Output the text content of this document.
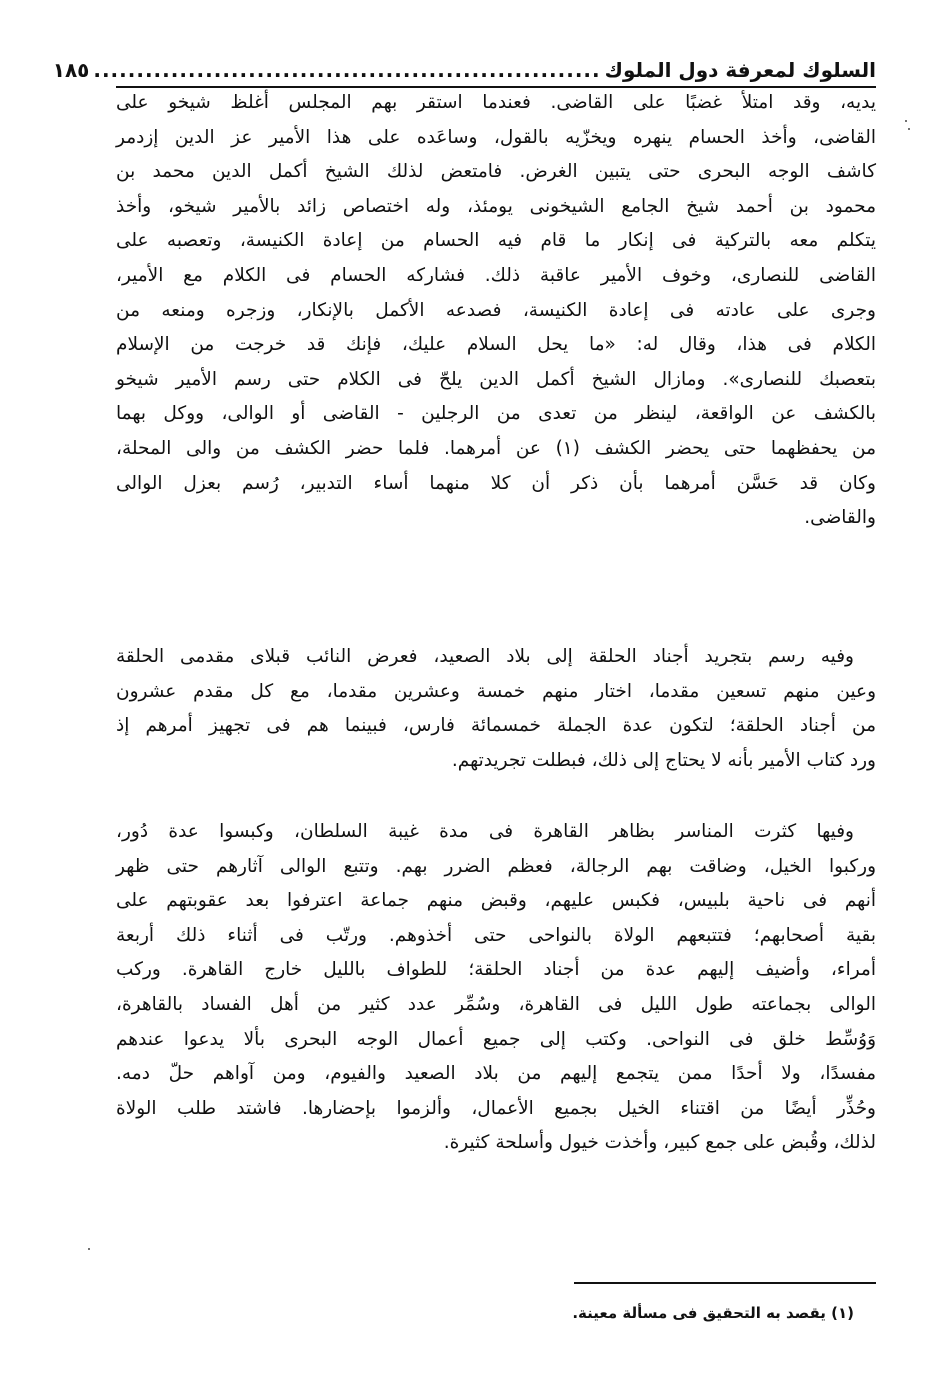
السلوك لمعرفة دول الملوك
...........................................................
١٨٥
يديه، وقد امتلأ غضبًا على القاضى. فعندما استقر بهم المجلس أغلظ شيخو على
القاضى، وأخذ الحسام ينهره ويخزّيه بالقول، وساعَده على هذا الأمير عز الدين إزدمر
كاشف الوجه البحرى حتى يتبين الغرض. فامتعض لذلك الشيخ أكمل الدين محمد بن
محمود بن أحمد شيخ الجامع الشيخونى يومئذ، وله اختصاص زائد بالأمير شيخو، وأخذ
يتكلم معه بالتركية فى إنكار ما قام فيه الحسام من إعادة الكنيسة، وتعصبه على
القاضى للنصارى، وخوف الأمير عاقبة ذلك. فشاركه الحسام فى الكلام مع الأمير،
وجرى على عادته فى إعادة الكنيسة، فصدعه الأكمل بالإنكار، وزجره ومنعه من
الكلام فى هذا، وقال له: «ما يحل السلام عليك، فإنك قد خرجت من الإسلام
بتعصبك للنصارى». ومازال الشيخ أكمل الدين يلحّ فى الكلام حتى رسم الأمير شيخو
بالكشف عن الواقعة، لينظر من تعدى من الرجلين - القاضى أو الوالى، ووكل بهما
من يحفظهما حتى يحضر الكشف (١) عن أمرهما. فلما حضر الكشف من والى المحلة،
وكان قد حَسَّن أمرهما بأن ذكر أن كلا منهما أساء التدبير، رُسم بعزل الوالى
والقاضى.
وفيه رسم بتجريد أجناد الحلقة إلى بلاد الصعيد، فعرض النائب قبلاى مقدمى الحلقة
وعين منهم تسعين مقدما، اختار منهم خمسة وعشرين مقدما، مع كل مقدم عشرون
من أجناد الحلقة؛ لتكون عدة الجملة خمسمائة فارس، فبينما هم فى تجهيز أمرهم إذ
ورد كتاب الأمير بأنه لا يحتاج إلى ذلك، فبطلت تجريدتهم.
وفيها كثرت المناسر بظاهر القاهرة فى مدة غيبة السلطان، وكبسوا عدة دُور،
وركبوا الخيل، وضاقت بهم الرجالة، فعظم الضرر بهم. وتتبع الوالى آثارهم حتى ظهر
أنهم فى ناحية بلبيس، فكبس عليهم، وقبض منهم جماعة اعترفوا بعد عقوبتهم على
بقية أصحابهم؛ فتتبعهم الولاة بالنواحى حتى أخذوهم. ورتّب فى أثناء ذلك أربعة
أمراء، وأضيف إليهم عدة من أجناد الحلقة؛ للطواف بالليل خارج القاهرة. وركب
الوالى بجماعته طول الليل فى القاهرة، وسُمِّر عدد كثير من أهل الفساد بالقاهرة،
وَوُسِّط خلق فى النواحى. وكتب إلى جميع أعمال الوجه البحرى بألا يدعوا عندهم
مفسدًا، ولا أحدًا ممن يتجمع إليهم من بلاد الصعيد والفيوم، ومن آواهم حلّ دمه.
وحُذِّر أيضًا من اقتناء الخيل بجميع الأعمال، وألزموا بإحضارها. فاشتد طلب الولاة
لذلك، وقُبض على جمع كبير، وأخذت خيول وأسلحة كثيرة.
(١) يقصد به التحقيق فى مسألة معينة.
